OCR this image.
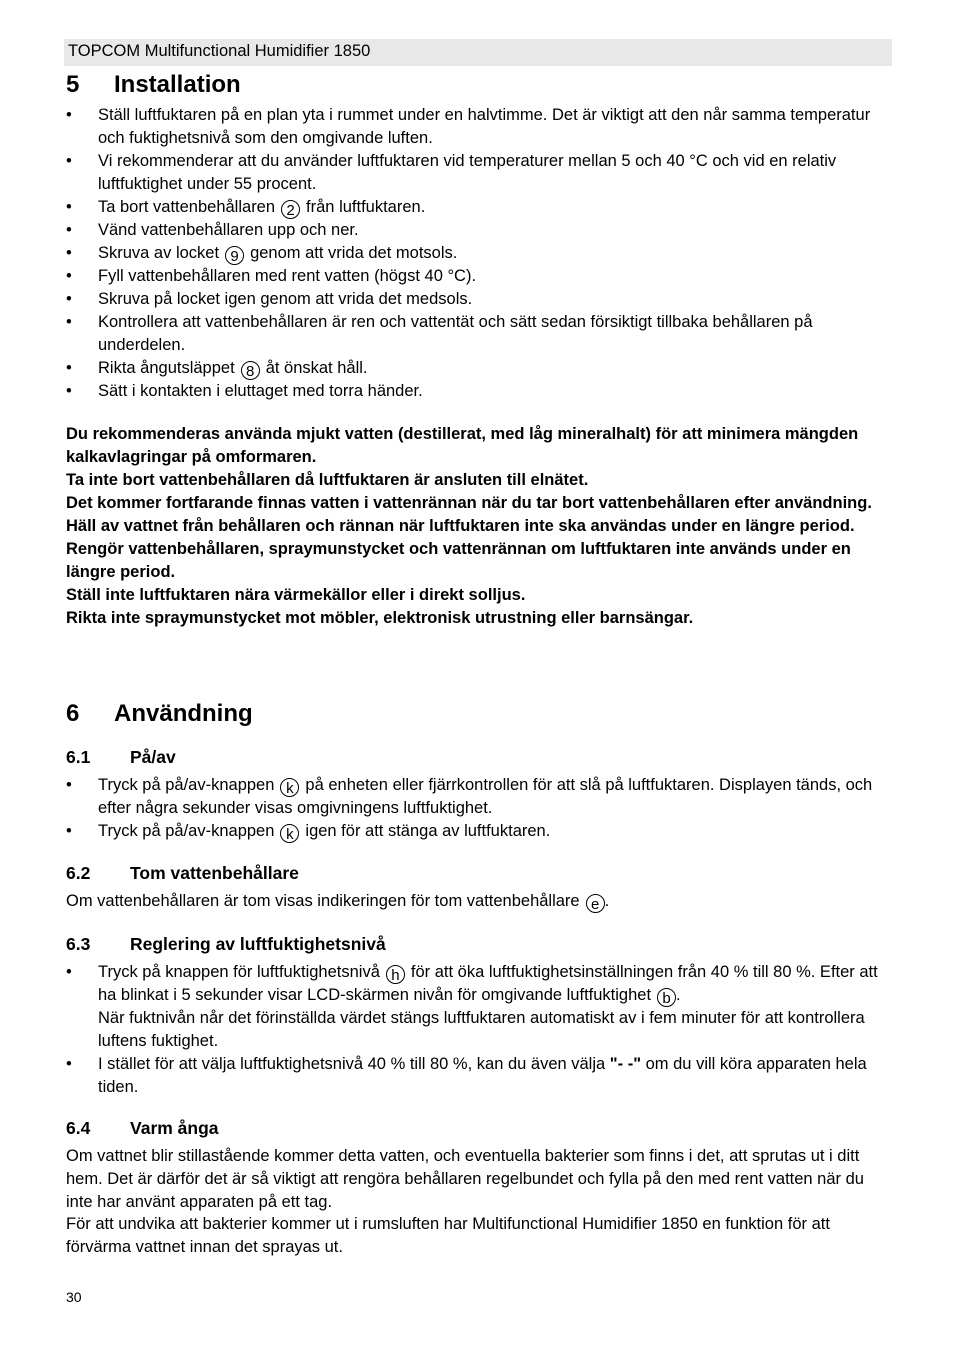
TOPCOM Multifunctional Humidifier 1850
5 Installation
• Ställ luftfuktaren på en plan yta i rummet under en halvtimme. Det är viktigt att den når samma temperatur och fuktighetsnivå som den omgivande luften.
• Vi rekommenderar att du använder luftfuktaren vid temperaturer mellan 5 och 40 °C och vid en relativ luftfuktighet under 55 procent.
• Ta bort vattenbehållaren 2 från luftfuktaren.
• Vänd vattenbehållaren upp och ner.
• Skruva av locket 9 genom att vrida det motsols.
• Fyll vattenbehållaren med rent vatten (högst 40 °C).
• Skruva på locket igen genom att vrida det medsols.
• Kontrollera att vattenbehållaren är ren och vattentät och sätt sedan försiktigt tillbaka behållaren på underdelen.
• Rikta ångutsläppet 8 åt önskat håll.
• Sätt i kontakten i eluttaget med torra händer.

Du rekommenderas använda mjukt vatten (destillerat, med låg mineralhalt) för att minimera mängden kalkavlagringar på omformaren.

Ta inte bort vattenbehållaren då luftfuktaren är ansluten till elnätet.

Det kommer fortfarande finnas vatten i vattenrännan när du tar bort vattenbehållaren efter användning.

Häll av vattnet från behållaren och rännan när luftfuktaren inte ska användas under en längre period.

Rengör vattenbehållaren, spraymunstycket och vattenrännan om luftfuktaren inte används under en längre period.

Ställ inte luftfuktaren nära värmekällor eller i direkt solljus.

Rikta inte spraymunstycket mot möbler, elektronisk utrustning eller barnsängar.

6 Användning
6.1 På/av
• Tryck på på/av-knappen k på enheten eller fjärrkontrollen för att slå på luftfuktaren. Displayen tänds, och efter några sekunder visas omgivningens luftfuktighet.
• Tryck på på/av-knappen k igen för att stänga av luftfuktaren.
6.2 Tom vattenbehållare

Om vattenbehållaren är tom visas indikeringen för tom vattenbehållare e .

6.3 Reglering av luftfuktighetsnivå
• Tryck på knappen för luftfuktighetsnivå h för att öka luftfuktighetsinställningen från 40 % till 80 %. Efter att ha blinkat i 5 sekunder visar LCD-skärmen nivån för omgivande luftfuktighet b .
När fuktnivån når det förinställda värdet stängs luftfuktaren automatiskt av i fem minuter för att kontrollera luftens fuktighet.
• I stället för att välja luftfuktighetsnivå 40 % till 80 %, kan du även välja "- -" om du vill köra apparaten hela tiden.
6.4 Varm ånga

Om vattnet blir stillastående kommer detta vatten, och eventuella bakterier som finns i det, att sprutas ut i ditt hem. Det är därför det är så viktigt att rengöra behållaren regelbundet och fylla på den med rent vatten när du inte har använt apparaten på ett tag.

För att undvika att bakterier kommer ut i rumsluften har Multifunctional Humidifier 1850 en funktion för att förvärma vattnet innan det sprayas ut.

30
